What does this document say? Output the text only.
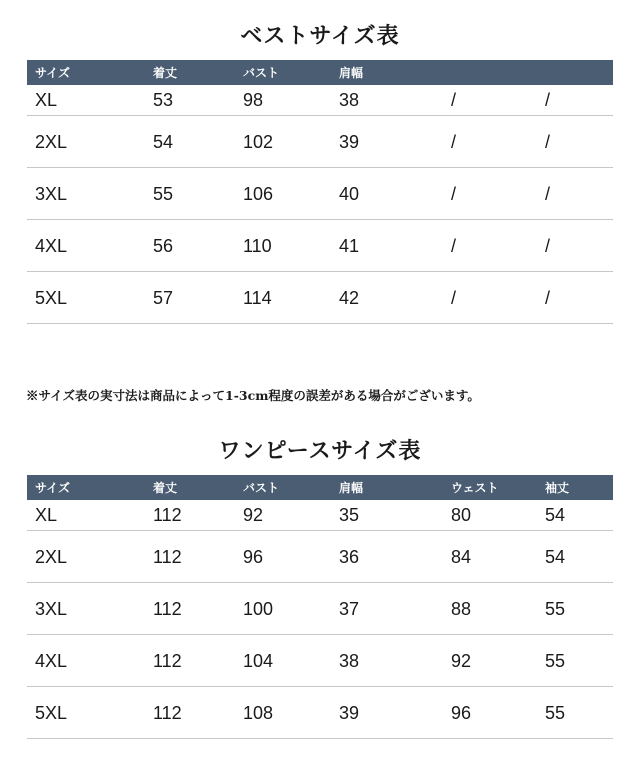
ベストサイズ表
サイズ	着丈	バスト	肩幅		
XL	53	98	38	/	/
2XL	54	102	39	/	/
3XL	55	106	40	/	/
4XL	56	110	41	/	/
5XL	57	114	42	/	/
※サイズ表の実寸法は商品によって1-3cm程度の誤差がある場合がございます。
ワンピースサイズ表
サイズ	着丈	バスト	肩幅	ウェスト	袖丈
XL	112	92	35	80	54
2XL	112	96	36	84	54
3XL	112	100	37	88	55
4XL	112	104	38	92	55
5XL	112	108	39	96	55
